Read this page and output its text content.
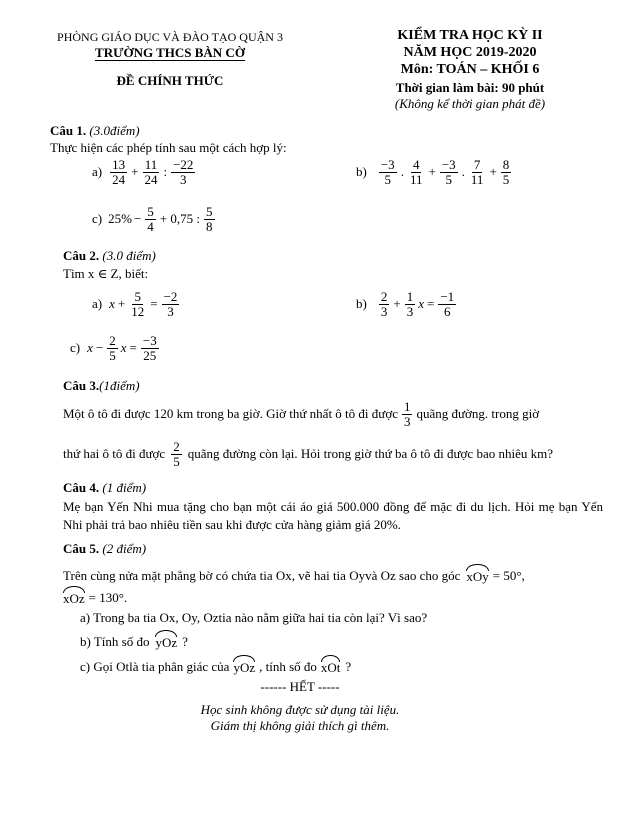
PHÒNG GIÁO DỤC VÀ ĐÀO TẠO QUẬN 3
TRƯỜNG THCS BÀN CỜ
ĐỀ CHÍNH THỨC
KIỂM TRA HỌC KỲ II
NĂM HỌC 2019-2020
Môn: TOÁN – KHỐI 6
Thời gian làm bài: 90 phút
(Không kể thời gian phát đề)
Câu 1. (3.0điểm)
Thực hiện các phép tính sau một cách hợp lý:
$a) \frac{13}{24} + \frac{11}{24}$ : $\frac{-22}{3}$	$b) \frac{-3}{5}$ . $\frac{4}{11} + \frac{-3}{5}$ . $\frac{7}{11} + \frac{8}{5}$
c) $25\% - \frac{5}{4} + 0,75$ : $\frac{5}{8}$
Câu 2. (3.0 điểm)
Tìm x ∈ Z, biết:
a) $x + \frac{5}{12} = \frac{-2}{3}$	$b) \frac{2}{3} + \frac{1}{3}$ $x = \frac{-1}{6}$
c) $x - \frac{2}{5}$ $x = \frac{-3}{25}$
Câu 3.(1điểm)
Một ô tô đi được 120 km trong ba giờ. Giờ thứ nhất ô tô đi được $\frac{1}{3}$ quãng đường. trong giờ
thứ hai ô tô đi được $\frac{2}{5}$ quãng đường còn lại. Hỏi trong giờ thứ ba ô tô đi được bao nhiêu km?
Câu 4. (1 điểm)
Mẹ bạn Yến Nhi mua tặng cho bạn một cái áo giá 500.000 đồng để mặc đi du lịch. Hỏi mẹ bạn Yến Nhi phải trả bao nhiêu tiền sau khi được cửa hàng giảm giá 20%.
Câu 5. (2 điểm)
Trên cùng nửa mặt phẳng bờ có chứa tia Ox, vẽ hai tia Oyvà Oz sao cho góc xOy = 50°,
xOz = 130° .
a) Trong ba tia Ox, Oy, Oztia nào nằm giữa hai tia còn lại? Vì sao?
b) Tính số đo yOz ?
c) Gọi Otlà tia phân giác của yOz , tính số đo xOt ?
------ HẾT -----
Học sinh không được sử dụng tài liệu.
Giám thị không giải thích gì thêm.
